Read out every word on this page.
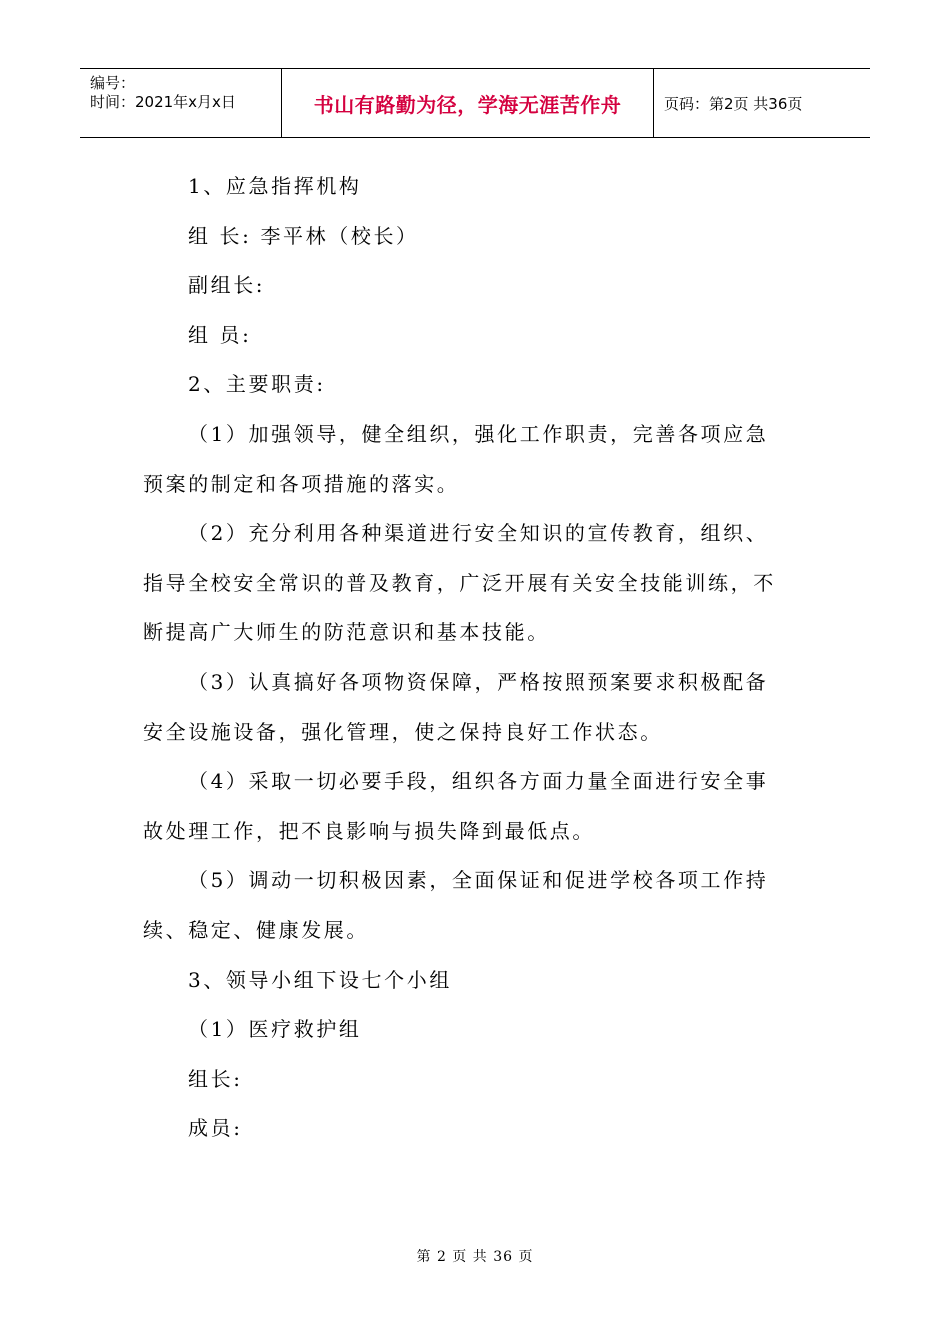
编号：
时间：2021年x月x日	书山有路勤为径，学海无涯苦作舟	页码：第2页 共36页
1、应急指挥机构
组 长: 李平林（校长）
副组长:
组 员:
2、主要职责:
（1）加强领导，健全组织，强化工作职责，完善各项应急
预案的制定和各项措施的落实。
（2）充分利用各种渠道进行安全知识的宣传教育，组织、
指导全校安全常识的普及教育，广泛开展有关安全技能训练，不
断提高广大师生的防范意识和基本技能。
（3）认真搞好各项物资保障，严格按照预案要求积极配备
安全设施设备，强化管理，使之保持良好工作状态。
（4）采取一切必要手段，组织各方面力量全面进行安全事
故处理工作，把不良影响与损失降到最低点。
（5）调动一切积极因素，全面保证和促进学校各项工作持
续、稳定、健康发展。
3、领导小组下设七个小组
（1）医疗救护组
组长:
成员:
第 2 页 共 36 页
